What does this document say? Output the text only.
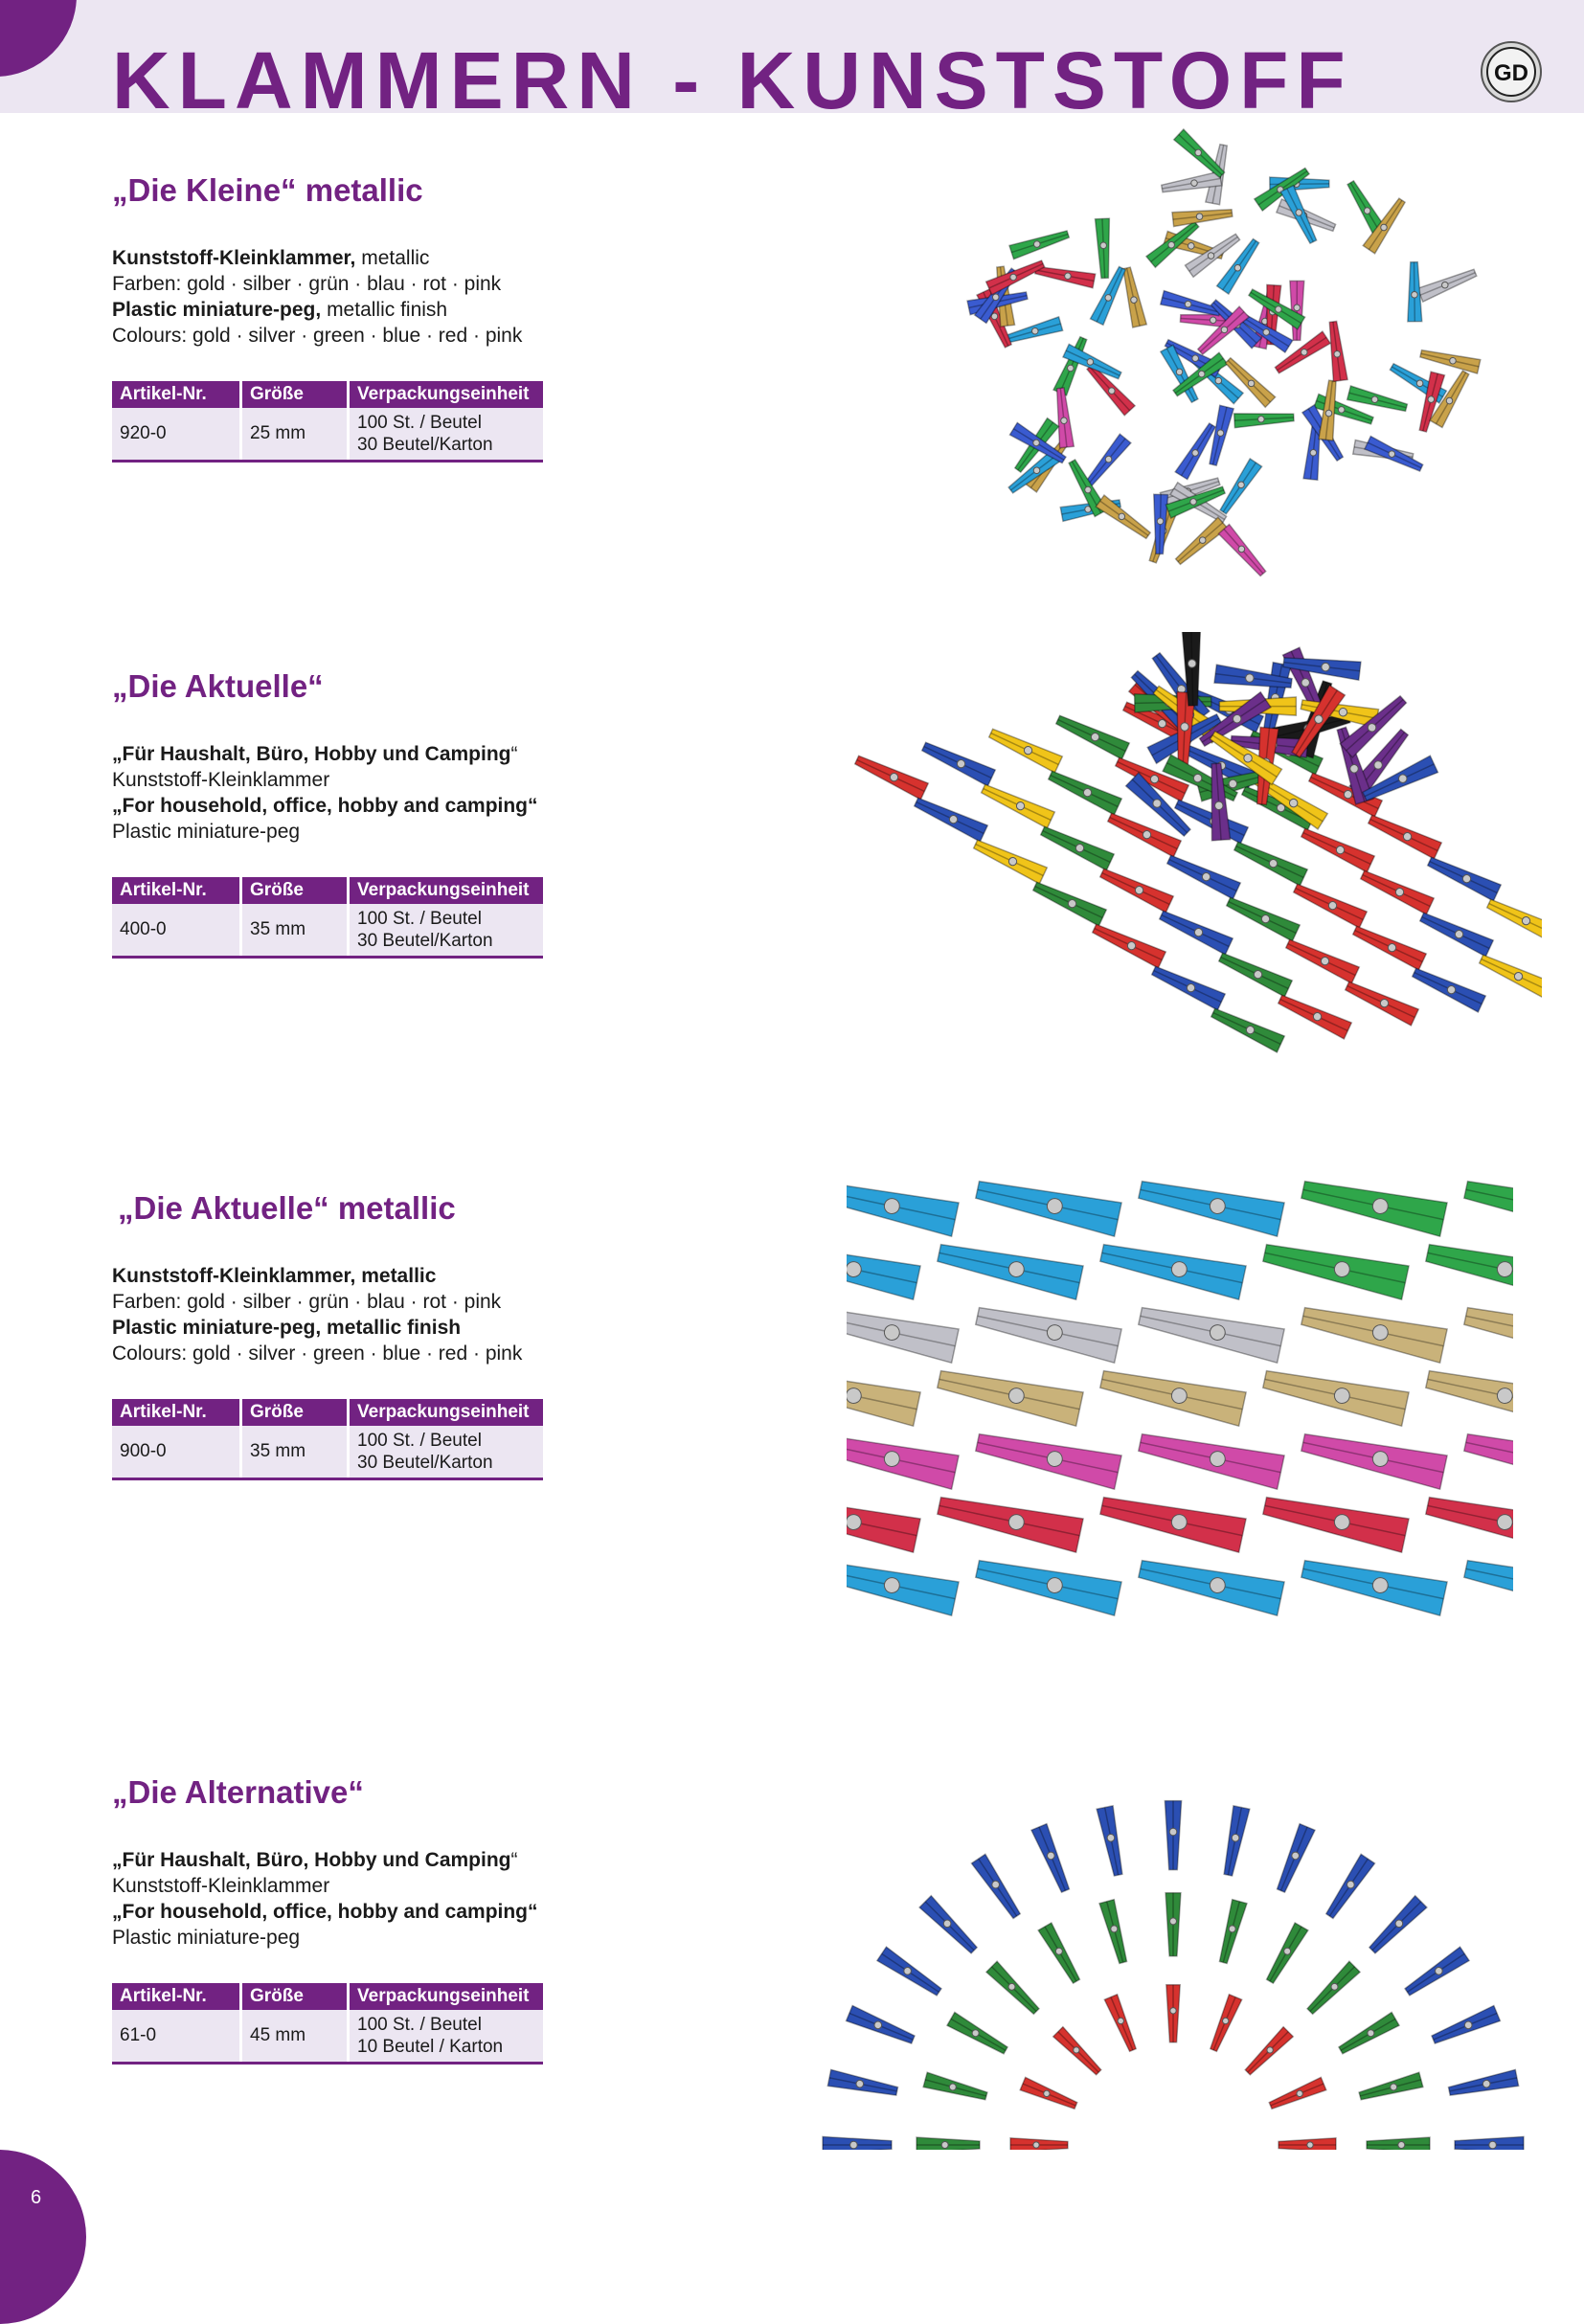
KLAMMERN - KUNSTSTOFF	GD
„Die Kleine“ metallic
Kunststoff-Kleinklammer, metallic
Farben: gold · silber · grün · blau · rot · pink
Plastic miniature-peg, metallic finish
Colours: gold · silver · green · blue · red · pink
Artikel-Nr.	Größe	Verpackungseinheit
920-0	25 mm	100 St. / Beutel
30 Beutel/Karton
„Die Aktuelle“
„Für Haushalt, Büro, Hobby und Camping“
Kunststoff-Kleinklammer
„For household, office, hobby and camping“
Plastic miniature-peg
Artikel-Nr.	Größe	Verpackungseinheit
400-0	35 mm	100 St. / Beutel
30 Beutel/Karton
„Die Aktuelle“ metallic
Kunststoff-Kleinklammer, metallic
Farben: gold · silber · grün · blau · rot · pink
Plastic miniature-peg, metallic finish
Colours: gold · silver · green · blue · red · pink
Artikel-Nr.	Größe	Verpackungseinheit
900-0	35 mm	100 St. / Beutel
30 Beutel/Karton
„Die Alternative“
„Für Haushalt, Büro, Hobby und Camping“
Kunststoff-Kleinklammer
„For household, office, hobby and camping“
Plastic miniature-peg
Artikel-Nr.	Größe	Verpackungseinheit
61-0	45 mm	100 St. / Beutel
10 Beutel / Karton
6
